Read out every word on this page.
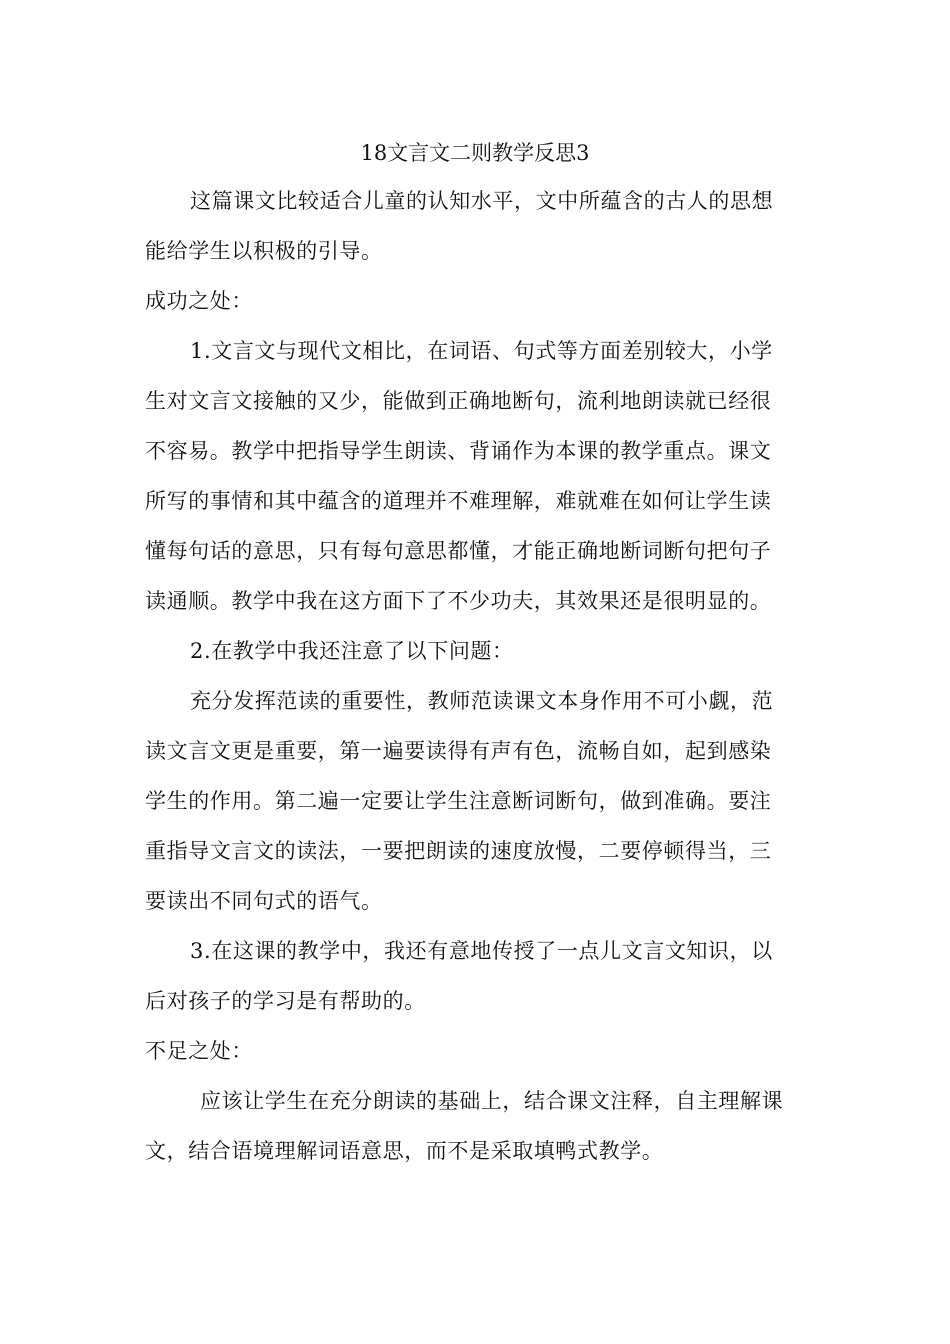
18文言文二则教学反思3
这篇课文比较适合儿童的认知水平，文中所蕴含的古人的思想
能给学生以积极的引导。
成功之处：
1.文言文与现代文相比，在词语、句式等方面差别较大，小学
生对文言文接触的又少，能做到正确地断句，流利地朗读就已经很
不容易。教学中把指导学生朗读、背诵作为本课的教学重点。课文
所写的事情和其中蕴含的道理并不难理解，难就难在如何让学生读
懂每句话的意思，只有每句意思都懂，才能正确地断词断句把句子
读通顺。教学中我在这方面下了不少功夫，其效果还是很明显的。
2.在教学中我还注意了以下问题：
充分发挥范读的重要性，教师范读课文本身作用不可小觑，范
读文言文更是重要，第一遍要读得有声有色，流畅自如，起到感染
学生的作用。第二遍一定要让学生注意断词断句，做到准确。要注
重指导文言文的读法，一要把朗读的速度放慢，二要停顿得当，三
要读出不同句式的语气。
3.在这课的教学中，我还有意地传授了一点儿文言文知识，以
后对孩子的学习是有帮助的。
不足之处：
应该让学生在充分朗读的基础上，结合课文注释，自主理解课
文，结合语境理解词语意思，而不是采取填鸭式教学。
